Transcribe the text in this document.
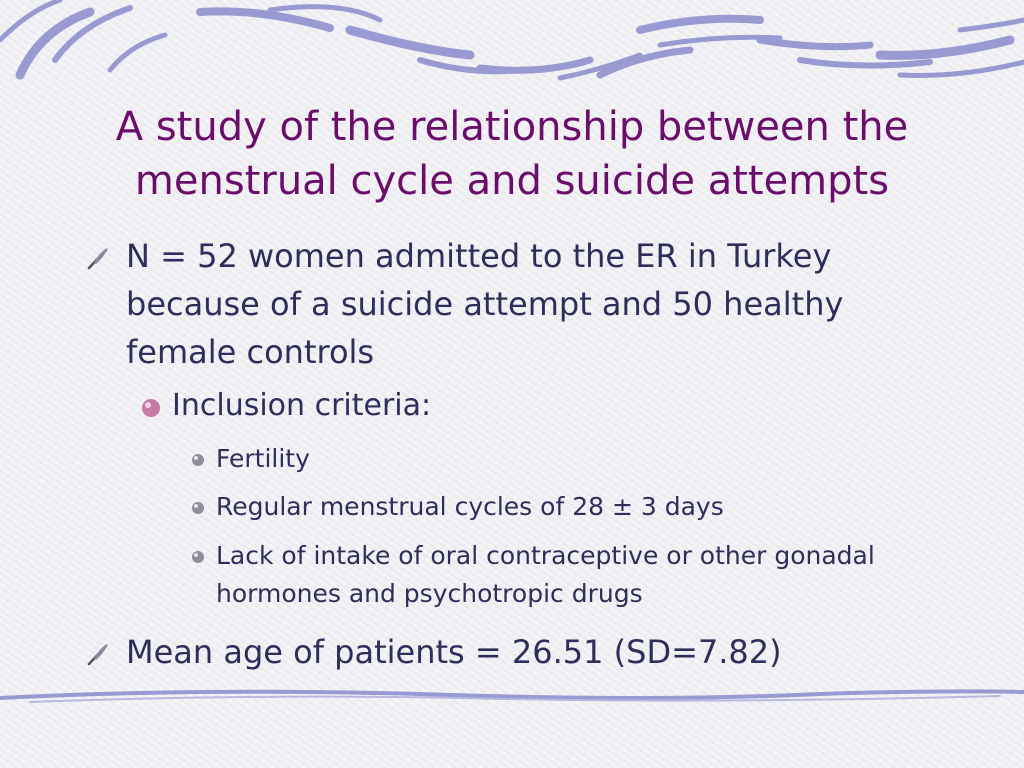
A study of the relationship between the menstrual cycle and suicide attempts

N = 52 women admitted to the ER in Turkey because of a suicide attempt and 50 healthy female controls

Inclusion criteria:

Fertility

Regular menstrual cycles of 28 ± 3 days

Lack of intake of oral contraceptive or other gonadal hormones and psychotropic drugs

Mean age of patients = 26.51 (SD=7.82)
